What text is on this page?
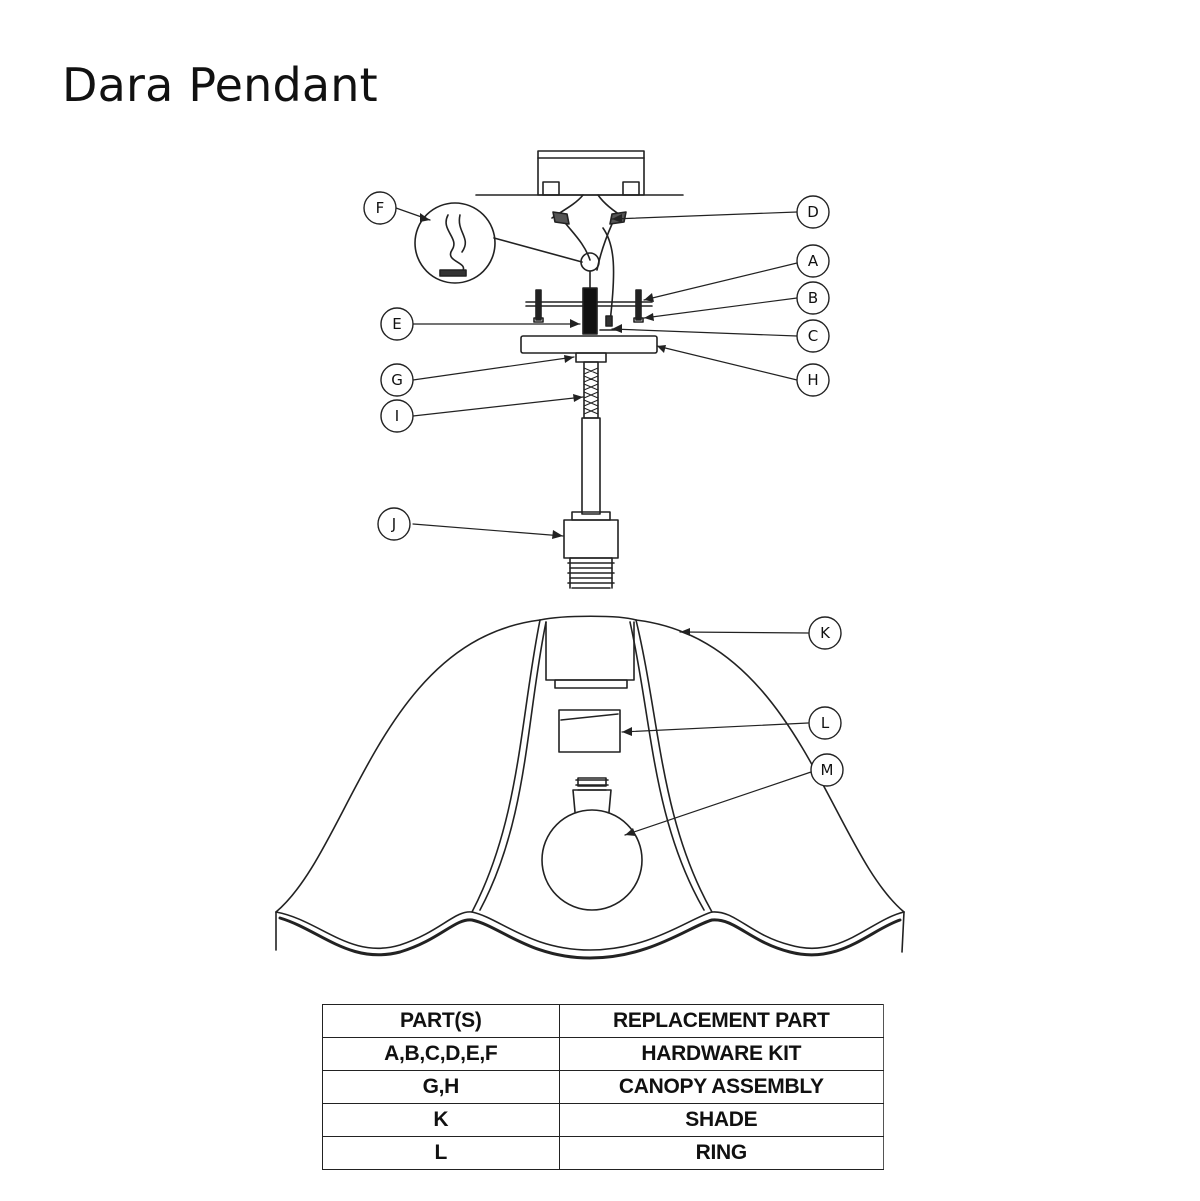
Dara Pendant
A
B
C
D
E
F
G	H
I
J
K
L
M
PART(S)	REPLACEMENT PART
A,B,C,D,E,F	HARDWARE KIT
G,H	CANOPY ASSEMBLY
K	SHADE
L	RING
